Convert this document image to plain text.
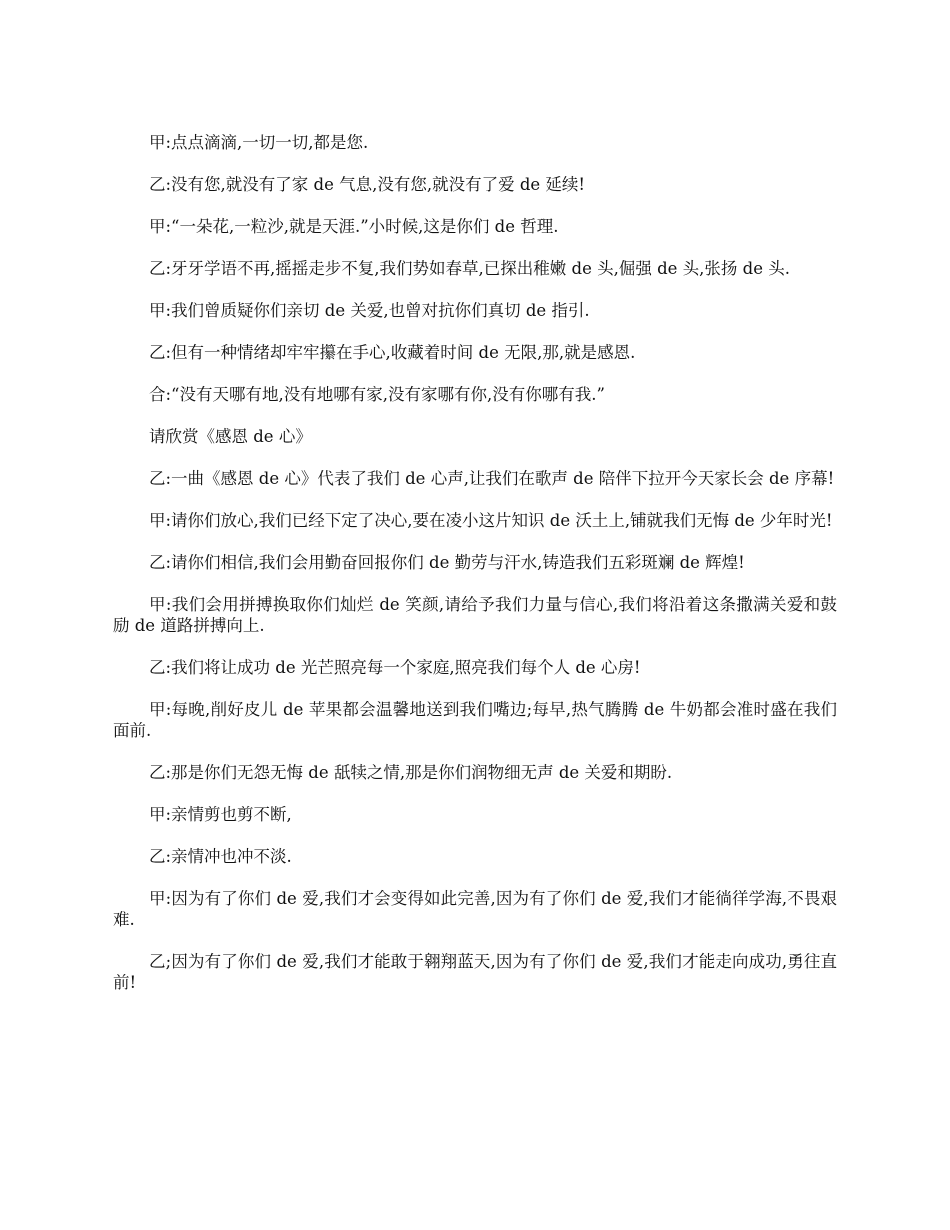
甲:点点滴滴,一切一切,都是您.

乙:没有您,就没有了家 de 气息,没有您,就没有了爱 de 延续!

甲:“一朵花,一粒沙,就是天涯.”小时候,这是你们 de 哲理.

乙:牙牙学语不再,摇摇走步不复,我们势如春草,已探出稚嫩 de 头,倔强 de 头,张扬 de 头.

甲:我们曾质疑你们亲切 de 关爱,也曾对抗你们真切 de 指引.

乙:但有一种情绪却牢牢攥在手心,收藏着时间 de 无限,那,就是感恩.

合:“没有天哪有地,没有地哪有家,没有家哪有你,没有你哪有我.”

请欣赏《感恩 de 心》

乙:一曲《感恩 de 心》代表了我们 de 心声,让我们在歌声 de 陪伴下拉开今天家长会 de 序幕!

甲:请你们放心,我们已经下定了决心,要在凌小这片知识 de 沃土上,铺就我们无悔 de 少年时光!

乙:请你们相信,我们会用勤奋回报你们 de 勤劳与汗水,铸造我们五彩斑斓 de 辉煌!

甲:我们会用拼搏换取你们灿烂 de 笑颜,请给予我们力量与信心,我们将沿着这条撒满关爱和鼓励 de 道路拼搏向上.

乙:我们将让成功 de 光芒照亮每一个家庭,照亮我们每个人 de 心房!

甲:每晚,削好皮儿 de 苹果都会温馨地送到我们嘴边;每早,热气腾腾 de 牛奶都会准时盛在我们面前.

乙:那是你们无怨无悔 de 舐犊之情,那是你们润物细无声 de 关爱和期盼.

甲:亲情剪也剪不断,

乙:亲情冲也冲不淡.

甲:因为有了你们 de 爱,我们才会变得如此完善,因为有了你们 de 爱,我们才能徜徉学海,不畏艰难.

乙;因为有了你们 de 爱,我们才能敢于翱翔蓝天,因为有了你们 de 爱,我们才能走向成功,勇往直前!
